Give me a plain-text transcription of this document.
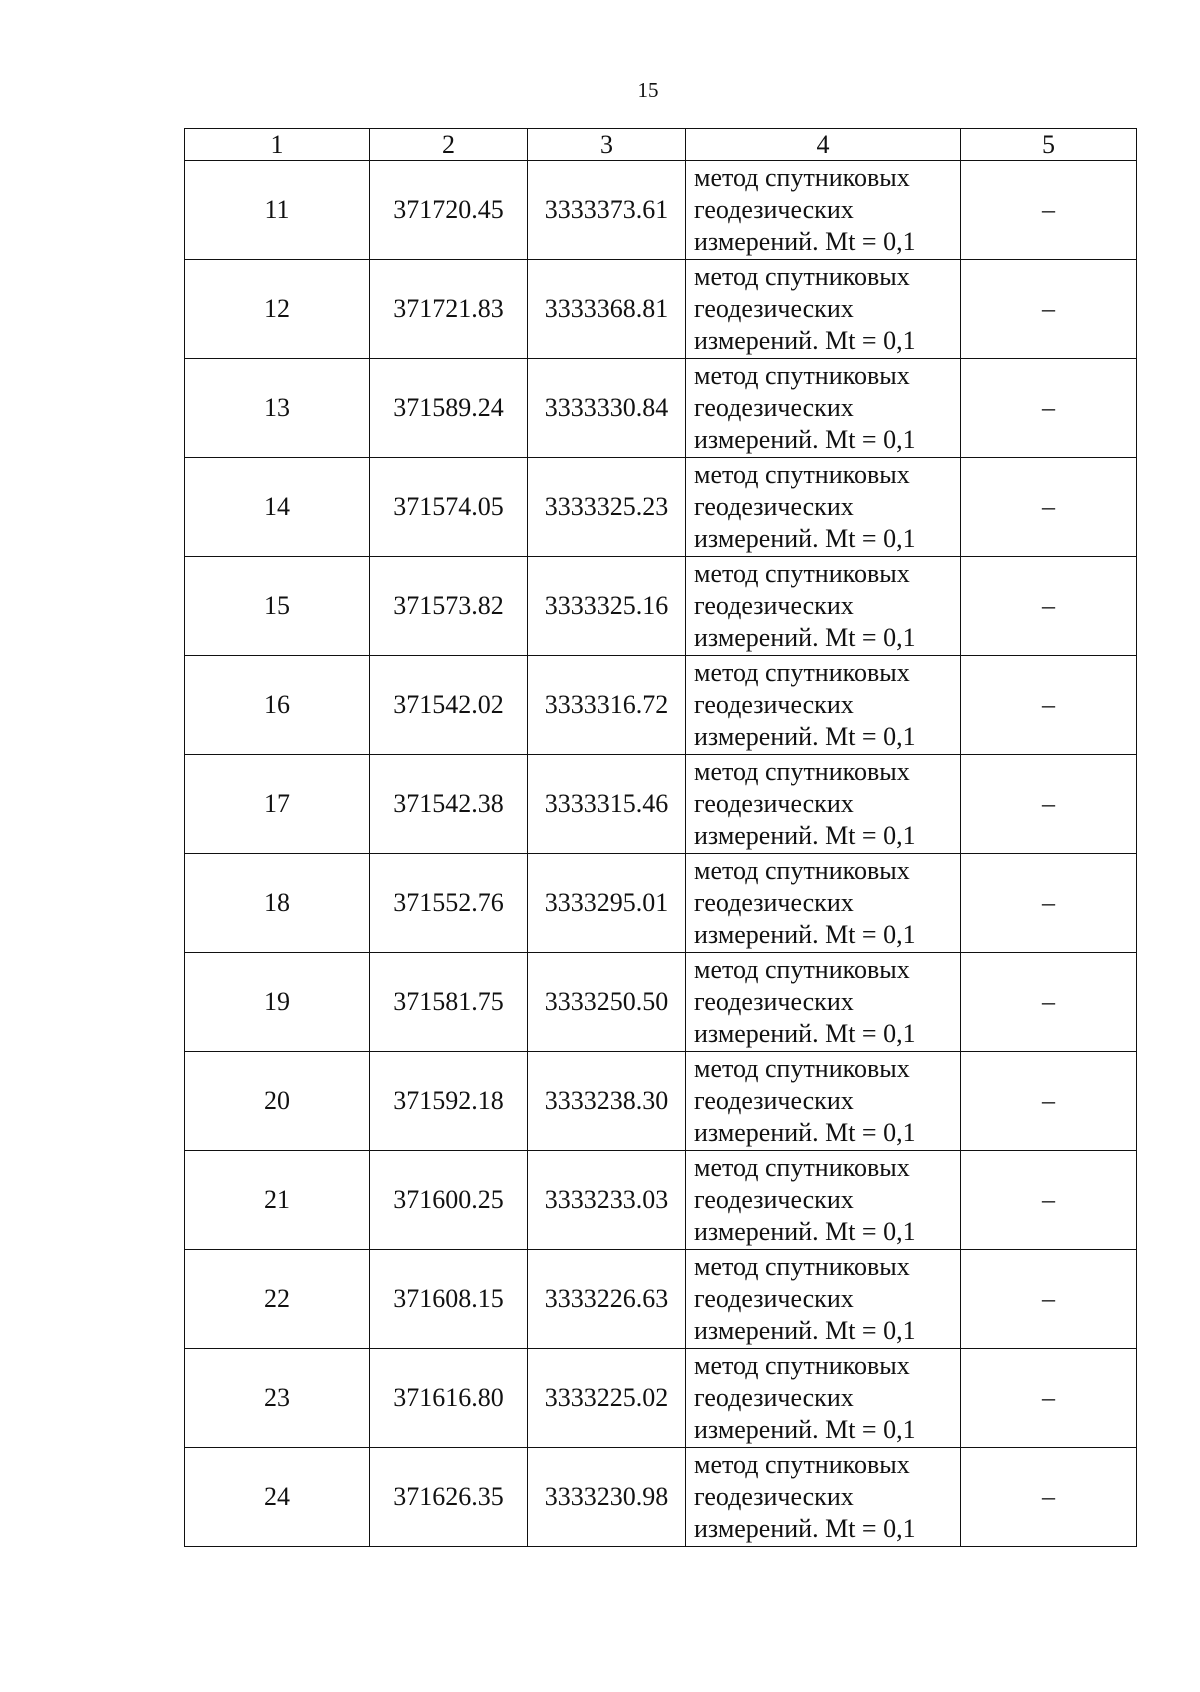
15
1	2	3	4	5
11	371720.45	3333373.61	метод спутниковых
геодезических
измерений. Mt = 0,1	–
12	371721.83	3333368.81	метод спутниковых
геодезических
измерений. Mt = 0,1	–
13	371589.24	3333330.84	метод спутниковых
геодезических
измерений. Mt = 0,1	–
14	371574.05	3333325.23	метод спутниковых
геодезических
измерений. Mt = 0,1	–
15	371573.82	3333325.16	метод спутниковых
геодезических
измерений. Mt = 0,1	–
16	371542.02	3333316.72	метод спутниковых
геодезических
измерений. Mt = 0,1	–
17	371542.38	3333315.46	метод спутниковых
геодезических
измерений. Mt = 0,1	–
18	371552.76	3333295.01	метод спутниковых
геодезических
измерений. Mt = 0,1	–
19	371581.75	3333250.50	метод спутниковых
геодезических
измерений. Mt = 0,1	–
20	371592.18	3333238.30	метод спутниковых
геодезических
измерений. Mt = 0,1	–
21	371600.25	3333233.03	метод спутниковых
геодезических
измерений. Mt = 0,1	–
22	371608.15	3333226.63	метод спутниковых
геодезических
измерений. Mt = 0,1	–
23	371616.80	3333225.02	метод спутниковых
геодезических
измерений. Mt = 0,1	–
24	371626.35	3333230.98	метод спутниковых
геодезических
измерений. Mt = 0,1	–
